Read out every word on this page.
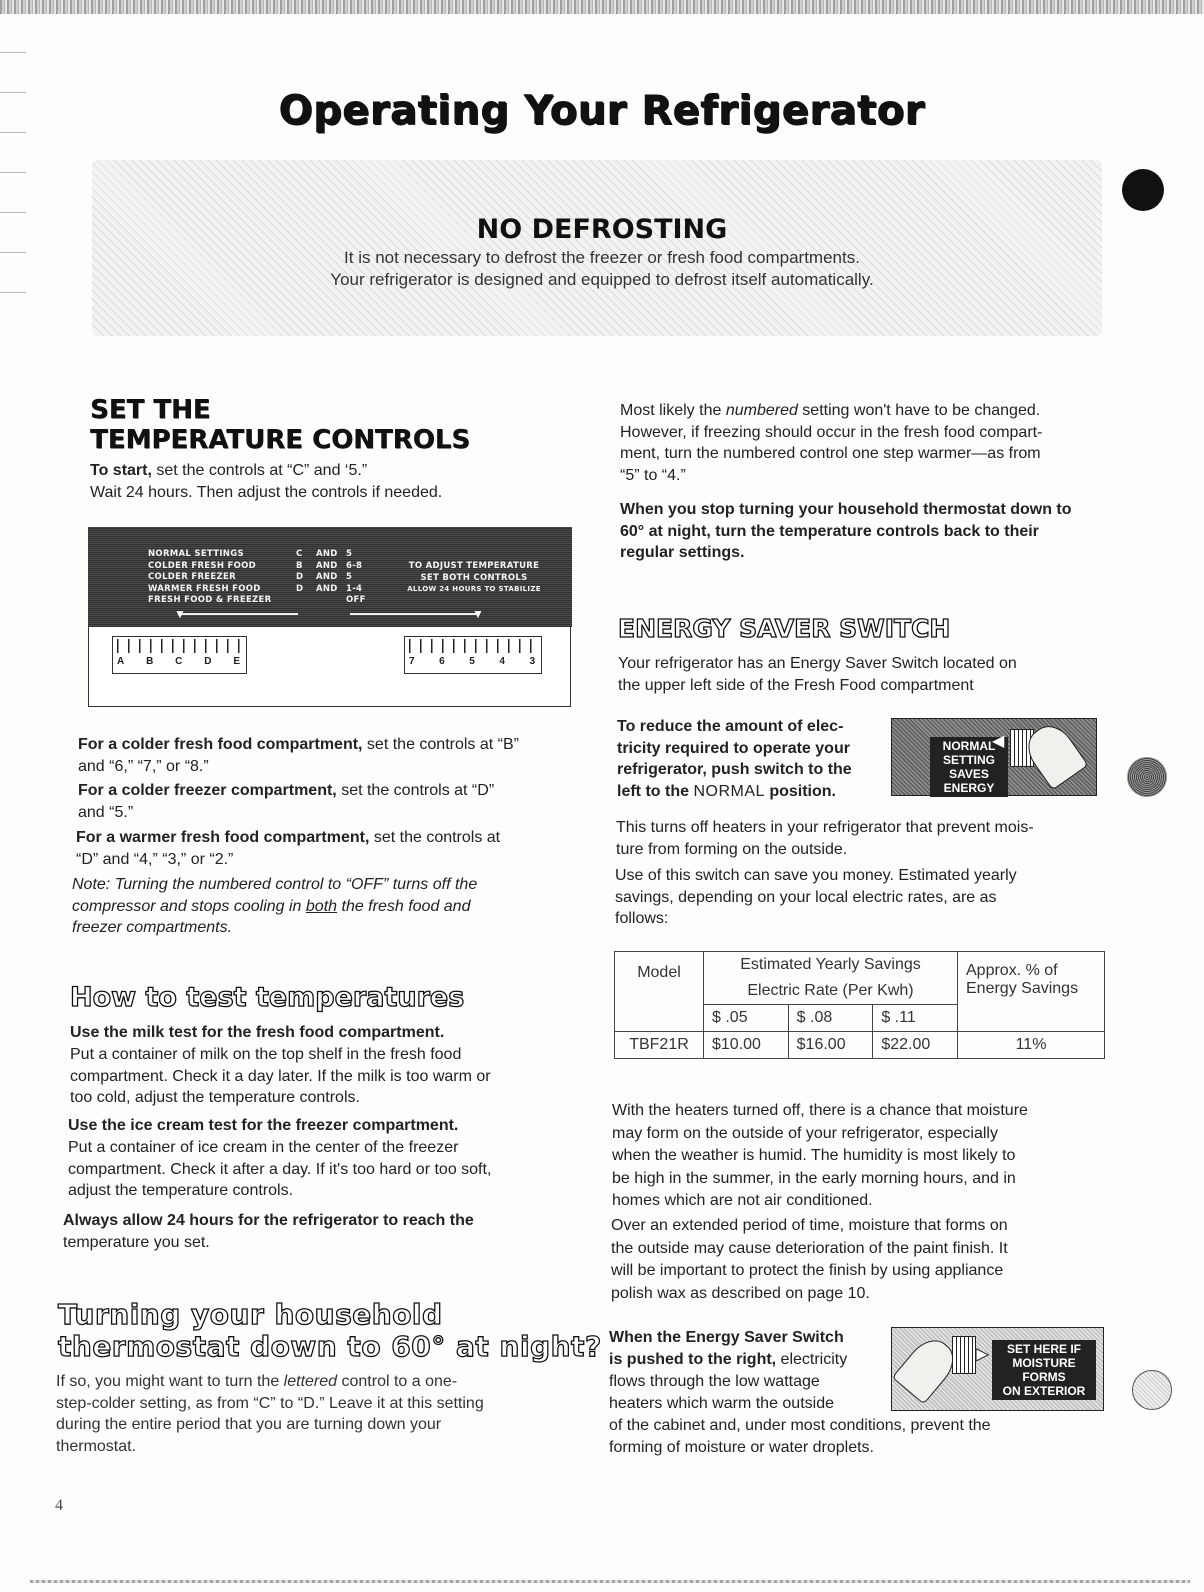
Operating Your Refrigerator
NO DEFROSTING
It is not necessary to defrost the freezer or fresh food compartments.
Your refrigerator is designed and equipped to defrost itself automatically.
SET THE
TEMPERATURE CONTROLS
To start, set the controls at “C” and ‘5.”
Wait 24 hours. Then adjust the controls if needed.
NORMAL SETTINGS	C	AND 5
COLDER FRESH FOOD	B	AND 6-8
COLDER FREEZER	D	AND 5
WARMER FRESH FOOD	D	AND 1-4
FRESH FOOD & FREEZER	OFF
TO ADJUST TEMPERATURE
SET BOTH CONTROLS
ALLOW 24 HOURS TO STABILIZE
▼	▼
A B C D E	7 6 5 4 3
For a colder fresh food compartment, set the controls at “B”
and “6,” “7,” or “8.”
For a colder freezer compartment, set the controls at “D”
and “5.”
For a warmer fresh food compartment, set the controls at
“D” and “4,” “3,” or “2.”
Note: Turning the numbered control to “OFF” turns off the
compressor and stops cooling in both the fresh food and
freezer compartments.
How to test temperatures
Use the milk test for the fresh food compartment.
Put a container of milk on the top shelf in the fresh food
compartment. Check it a day later. If the milk is too warm or
too cold, adjust the temperature controls.
Use the ice cream test for the freezer compartment.
Put a container of ice cream in the center of the freezer
compartment. Check it after a day. If it's too hard or too soft,
adjust the temperature controls.
Always allow 24 hours for the refrigerator to reach the
temperature you set.
Turning your household
thermostat down to 60° at night?
If so, you might want to turn the lettered control to a one-
step-colder setting, as from “C” to “D.” Leave it at this setting
during the entire period that you are turning down your
thermostat.
4
Most likely the numbered setting won't have to be changed.
However, if freezing should occur in the fresh food compart-
ment, turn the numbered control one step warmer—as from
“5” to “4.”
When you stop turning your household thermostat down to
60° at night, turn the temperature controls back to their
regular settings.
ENERGY SAVER SWITCH
Your refrigerator has an Energy Saver Switch located on
the upper left side of the Fresh Food compartment
To reduce the amount of elec-
tricity required to operate your
refrigerator, push switch to the
left to the NORMAL position.
NORMAL
SETTING
SAVES ENERGY
◀
This turns off heaters in your refrigerator that prevent mois-
ture from forming on the outside.
Use of this switch can save you money. Estimated yearly
savings, depending on your local electric rates, are as
follows:
Model	Estimated Yearly Savings			Approx. % of
Energy Savings

	Electric Rate (Per Kwh)			
	$ .05	$ .08	$ .11	
TBF21R	$10.00	$16.00	$22.00	11%
With the heaters turned off, there is a chance that moisture
may form on the outside of your refrigerator, especially
when the weather is humid. The humidity is most likely to
be high in the summer, in the early morning hours, and in
homes which are not air conditioned.
Over an extended period of time, moisture that forms on
the outside may cause deterioration of the paint finish. It
will be important to protect the finish by using appliance
polish wax as described on page 10.
When the Energy Saver Switch
is pushed to the right, electricity
flows through the low wattage
heaters which warm the outside
of the cabinet and, under most conditions, prevent the
forming of moisture or water droplets.
▶	SET HERE IF
MOISTURE FORMS
ON EXTERIOR
